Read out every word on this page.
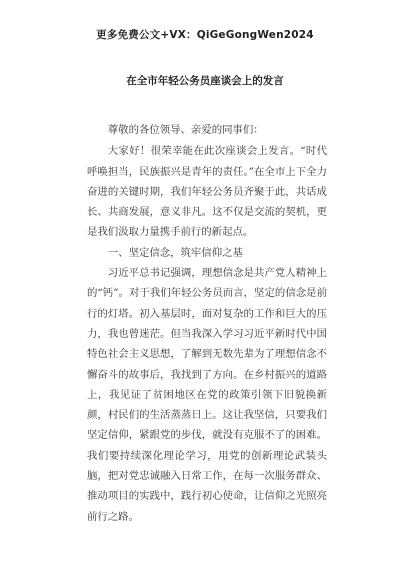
更多免费公文+VX：QiGeGongWen2024
在全市年轻公务员座谈会上的发言

尊敬的各位领导、亲爱的同事们：

大家好！很荣幸能在此次座谈会上发言。“时代呼唤担当，民族振兴是青年的责任。”在全市上下全力奋进的关键时期，我们年轻公务员齐聚于此，共话成长、共商发展，意义非凡。这不仅是交流的契机，更是我们汲取力量携手前行的新起点。

一、坚定信念，筑牢信仰之基

习近平总书记强调，理想信念是共产党人精神上的“钙”。对于我们年轻公务员而言，坚定的信念是前行的灯塔。初入基层时，面对复杂的工作和巨大的压力，我也曾迷茫。但当我深入学习习近平新时代中国特色社会主义思想，了解到无数先辈为了理想信念不懈奋斗的故事后，我找到了方向。在乡村振兴的道路上，我见证了贫困地区在党的政策引领下旧貌换新颜，村民们的生活蒸蒸日上。这让我坚信，只要我们坚定信仰，紧跟党的步伐，就没有克服不了的困难。我们要持续深化理论学习，用党的创新理论武装头脑，把对党忠诚融入日常工作，在每一次服务群众、推动项目的实践中，践行初心使命，让信仰之光照亮前行之路。
